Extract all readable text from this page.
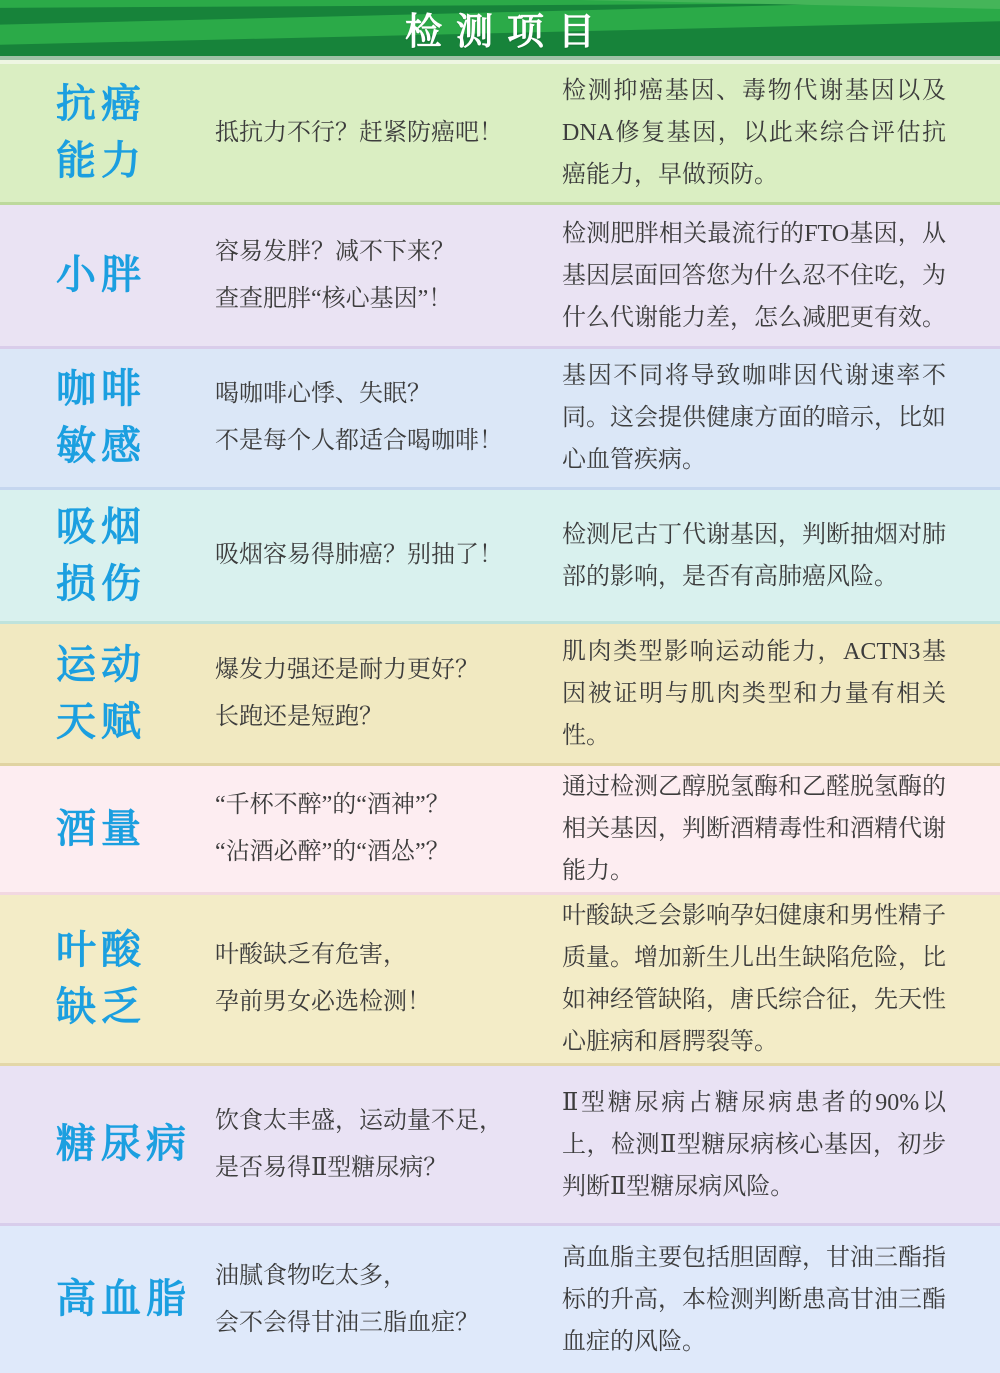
检测项目
抗癌
能力
抵抗力不行？赶紧防癌吧！
检测抑癌基因、毒物代谢基因以及DNA修复基因，以此来综合评估抗癌能力，早做预防。
小胖
容易发胖？减不下来？
查查肥胖“核心基因”！
检测肥胖相关最流行的FTO基因，从基因层面回答您为什么忍不住吃，为什么代谢能力差，怎么减肥更有效。
咖啡
敏感
喝咖啡心悸、失眠？
不是每个人都适合喝咖啡！
基因不同将导致咖啡因代谢速率不同。这会提供健康方面的暗示，比如心血管疾病。
吸烟
损伤
吸烟容易得肺癌？别抽了！
检测尼古丁代谢基因，判断抽烟对肺部的影响，是否有高肺癌风险。
运动
天赋
爆发力强还是耐力更好？
长跑还是短跑？
肌肉类型影响运动能力，ACTN3基因被证明与肌肉类型和力量有相关性。
酒量
“千杯不醉”的“酒神”？
“沾酒必醉”的“酒怂”？
通过检测乙醇脱氢酶和乙醛脱氢酶的相关基因，判断酒精毒性和酒精代谢能力。
叶酸
缺乏
叶酸缺乏有危害，
孕前男女必选检测！
叶酸缺乏会影响孕妇健康和男性精子质量。增加新生儿出生缺陷危险，比如神经管缺陷，唐氏综合征，先天性心脏病和唇腭裂等。
糖尿病
饮食太丰盛，运动量不足，
是否易得Ⅱ型糖尿病？
Ⅱ型糖尿病占糖尿病患者的90%以上，检测Ⅱ型糖尿病核心基因，初步判断Ⅱ型糖尿病风险。
高血脂
油腻食物吃太多，
会不会得甘油三脂血症？
高血脂主要包括胆固醇，甘油三酯指标的升高，本检测判断患高甘油三酯血症的风险。
